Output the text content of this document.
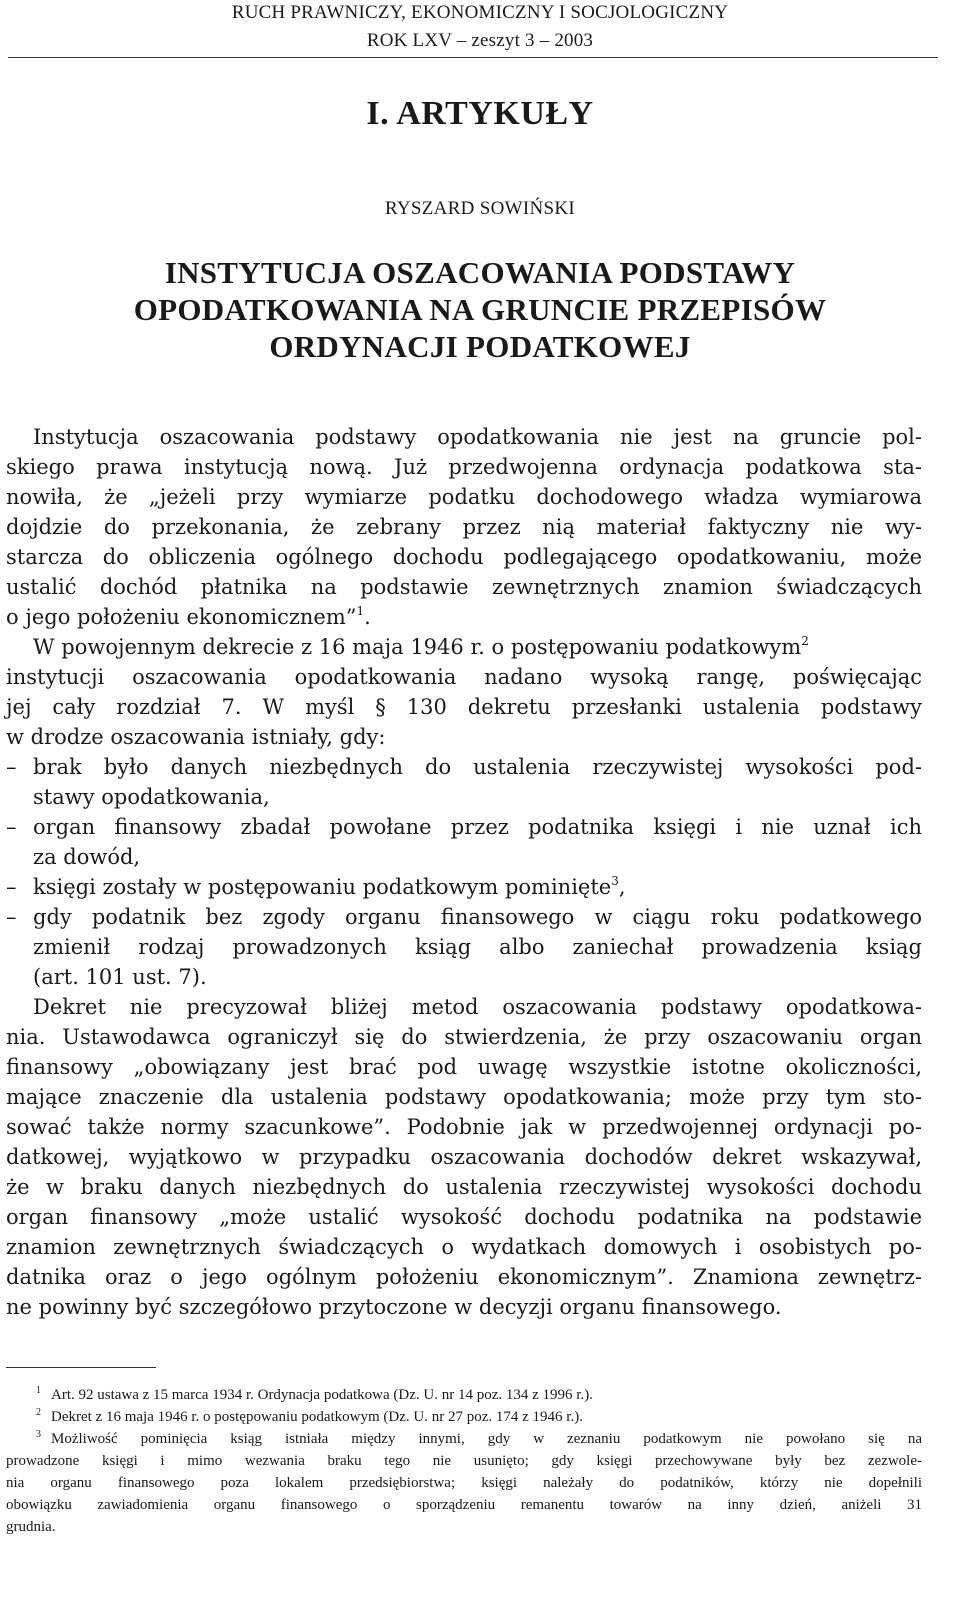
RUCH PRAWNICZY, EKONOMICZNY I SOCJOLOGICZNY
ROK LXV – zeszyt 3 – 2003
I. ARTYKUŁY
RYSZARD SOWIŃSKI
INSTYTUCJA OSZACOWANIA PODSTAWY
OPODATKOWANIA NA GRUNCIE PRZEPISÓW
ORDYNACJI PODATKOWEJ
Instytucja oszacowania podstawy opodatkowania nie jest na gruncie pol-
skiego prawa instytucją nową. Już przedwojenna ordynacja podatkowa sta-
nowiła, że „jeżeli przy wymiarze podatku dochodowego władza wymiarowa
dojdzie do przekonania, że zebrany przez nią materiał faktyczny nie wy-
starcza do obliczenia ogólnego dochodu podlegającego opodatkowaniu, może
ustalić dochód płatnika na podstawie zewnętrznych znamion świadczących
o jego położeniu ekonomicznem”$^1$.
W powojennym dekrecie z 16 maja 1946 r. o postępowaniu podatkowym$^2$
instytucji oszacowania opodatkowania nadano wysoką rangę, poświęcając
jej cały rozdział 7. W myśl § 130 dekretu przesłanki ustalenia podstawy
w drodze oszacowania istniały, gdy:
– brak było danych niezbędnych do ustalenia rzeczywistej wysokości pod-
stawy opodatkowania,
– organ finansowy zbadał powołane przez podatnika księgi i nie uznał ich
za dowód,
– księgi zostały w postępowaniu podatkowym pominięte$^3$,
– gdy podatnik bez zgody organu finansowego w ciągu roku podatkowego
zmienił rodzaj prowadzonych ksiąg albo zaniechał prowadzenia ksiąg
(art. 101 ust. 7).
Dekret nie precyzował bliżej metod oszacowania podstawy opodatkowa-
nia. Ustawodawca ograniczył się do stwierdzenia, że przy oszacowaniu organ
finansowy „obowiązany jest brać pod uwagę wszystkie istotne okoliczności,
mające znaczenie dla ustalenia podstawy opodatkowania; może przy tym sto-
sować także normy szacunkowe”. Podobnie jak w przedwojennej ordynacji po-
datkowej, wyjątkowo w przypadku oszacowania dochodów dekret wskazywał,
że w braku danych niezbędnych do ustalenia rzeczywistej wysokości dochodu
organ finansowy „może ustalić wysokość dochodu podatnika na podstawie
znamion zewnętrznych świadczących o wydatkach domowych i osobistych po-
datnika oraz o jego ogólnym położeniu ekonomicznym”. Znamiona zewnętrz-
ne powinny być szczegółowo przytoczone w decyzji organu finansowego.
$^1$ Art. 92 ustawa z 15 marca 1934 r. Ordynacja podatkowa (Dz. U. nr 14 poz. 134 z 1996 r.).
$^2$ Dekret z 16 maja 1946 r. o postępowaniu podatkowym (Dz. U. nr 27 poz. 174 z 1946 r.).
$^3$ Możliwość pominięcia ksiąg istniała między innymi, gdy w zeznaniu podatkowym nie powołano się na
prowadzone księgi i mimo wezwania braku tego nie usunięto; gdy księgi przechowywane były bez zezwole-
nia organu finansowego poza lokalem przedsiębiorstwa; księgi należały do podatników, którzy nie dopełnili
obowiązku zawiadomienia organu finansowego o sporządzeniu remanentu towarów na inny dzień, aniżeli 31
grudnia.
